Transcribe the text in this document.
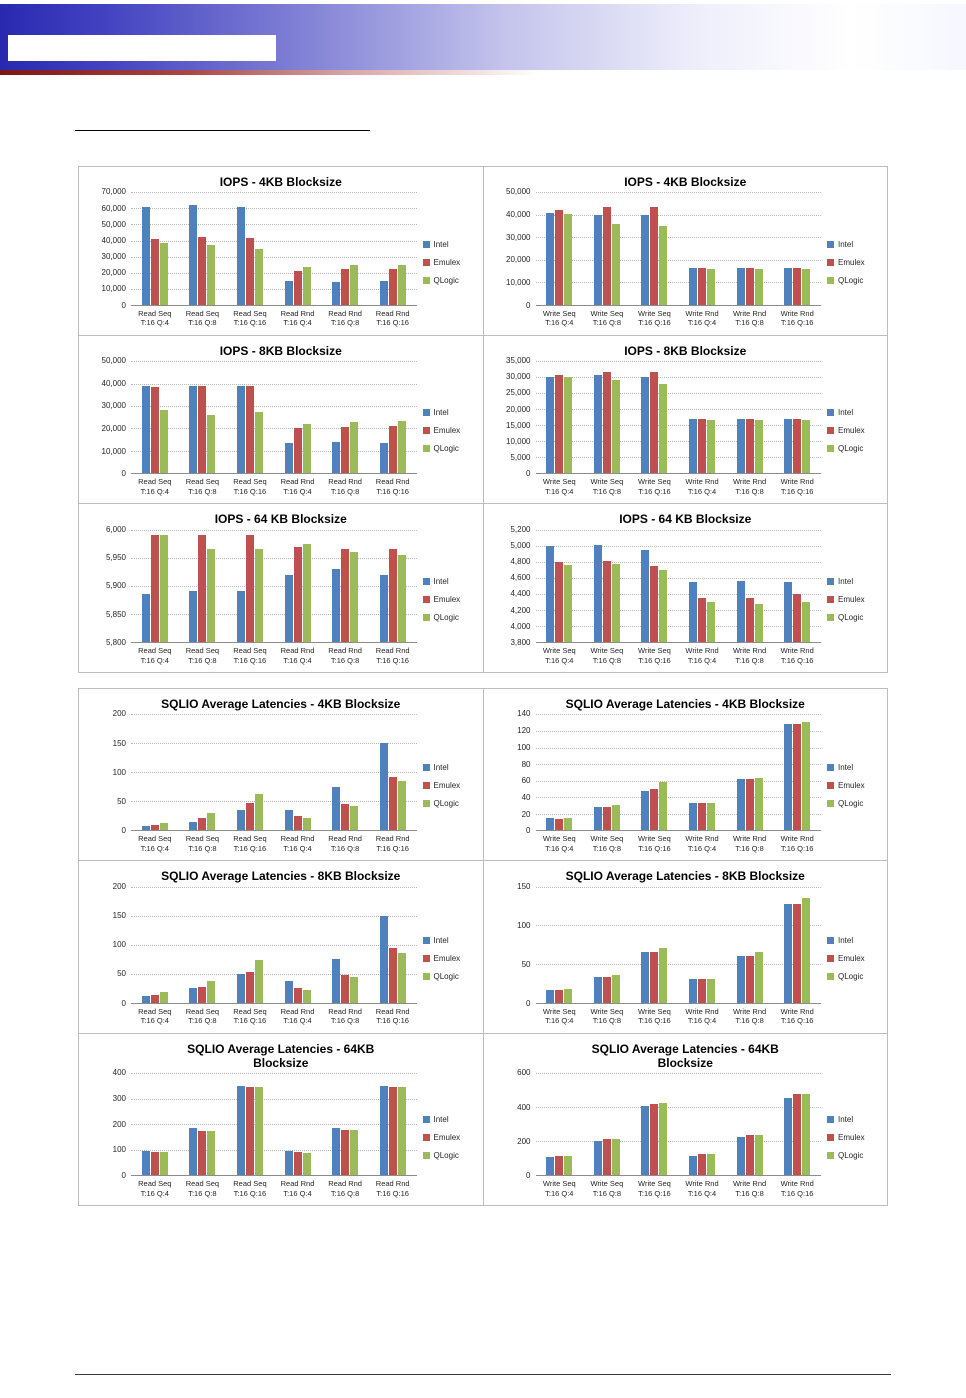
IOPS - 4KB Blocksize
70,000
60,000
50,000
40,000
30,000
20,000
10,000
0
Read Seq
T:16 Q:4
Read Seq
T:16 Q:8
Read Seq
T:16 Q:16
Read Rnd
T:16 Q:4
Read Rnd
T:16 Q:8
Read Rnd
T:16 Q:16
Intel
Emulex
QLogic
IOPS - 4KB Blocksize
50,000
40,000
30,000
20,000
10,000
0
Write Seq
T:16 Q:4
Write Seq
T:16 Q:8
Write Seq
T:16 Q:16
Write Rnd
T:16 Q:4
Write Rnd
T:16 Q:8
Write Rnd
T:16 Q:16
Intel
Emulex
QLogic
IOPS - 8KB Blocksize
50,000
40,000
30,000
20,000
10,000
0
Read Seq
T:16 Q:4
Read Seq
T:16 Q:8
Read Seq
T:16 Q:16
Read Rnd
T:16 Q:4
Read Rnd
T:16 Q:8
Read Rnd
T:16 Q:16
Intel
Emulex
QLogic
IOPS - 8KB Blocksize
35,000
30,000
25,000
20,000
15,000
10,000
5,000
0
Write Seq
T:16 Q:4
Write Seq
T:16 Q:8
Write Seq
T:16 Q:16
Write Rnd
T:16 Q:4
Write Rnd
T:16 Q:8
Write Rnd
T:16 Q:16
Intel
Emulex
QLogic
IOPS - 64 KB Blocksize
6,000
5,950
5,900
5,850
5,800
Read Seq
T:16 Q:4
Read Seq
T:16 Q:8
Read Seq
T:16 Q:16
Read Rnd
T:16 Q:4
Read Rnd
T:16 Q:8
Read Rnd
T:16 Q:16
Intel
Emulex
QLogic
IOPS - 64 KB Blocksize
5,200
5,000
4,800
4,600
4,400
4,200
4,000
3,800
Write Seq
T:16 Q:4
Write Seq
T:16 Q:8
Write Seq
T:16 Q:16
Write Rnd
T:16 Q:4
Write Rnd
T:16 Q:8
Write Rnd
T:16 Q:16
Intel
Emulex
QLogic
SQLIO Average Latencies - 4KB Blocksize
200
150
100
50
0
Read Seq
T:16 Q:4
Read Seq
T:16 Q:8
Read Seq
T:16 Q:16
Read Rnd
T:16 Q:4
Read Rnd
T:16 Q:8
Read Rnd
T:16 Q:16
Intel
Emulex
QLogic
SQLIO Average Latencies - 4KB Blocksize
140
120
100
80
60
40
20
0
Write Seq
T:16 Q:4
Write Seq
T:16 Q:8
Write Seq
T:16 Q:16
Write Rnd
T:16 Q:4
Write Rnd
T:16 Q:8
Write Rnd
T:16 Q:16
Intel
Emulex
QLogic
SQLIO Average Latencies - 8KB Blocksize
200
150
100
50
0
Read Seq
T:16 Q:4
Read Seq
T:16 Q:8
Read Seq
T:16 Q:16
Read Rnd
T:16 Q:4
Read Rnd
T:16 Q:8
Read Rnd
T:16 Q:16
Intel
Emulex
QLogic
SQLIO Average Latencies - 8KB Blocksize
150
100
50
0
Write Seq
T:16 Q:4
Write Seq
T:16 Q:8
Write Seq
T:16 Q:16
Write Rnd
T:16 Q:4
Write Rnd
T:16 Q:8
Write Rnd
T:16 Q:16
Intel
Emulex
QLogic
SQLIO Average Latencies - 64KB
Blocksize
400
300
200
100
0
Read Seq
T:16 Q:4
Read Seq
T:16 Q:8
Read Seq
T:16 Q:16
Read Rnd
T:16 Q:4
Read Rnd
T:16 Q:8
Read Rnd
T:16 Q:16
Intel
Emulex
QLogic
SQLIO Average Latencies - 64KB
Blocksize
600
400
200
0
Write Seq
T:16 Q:4
Write Seq
T:16 Q:8
Write Seq
T:16 Q:16
Write Rnd
T:16 Q:4
Write Rnd
T:16 Q:8
Write Rnd
T:16 Q:16
Intel
Emulex
QLogic
